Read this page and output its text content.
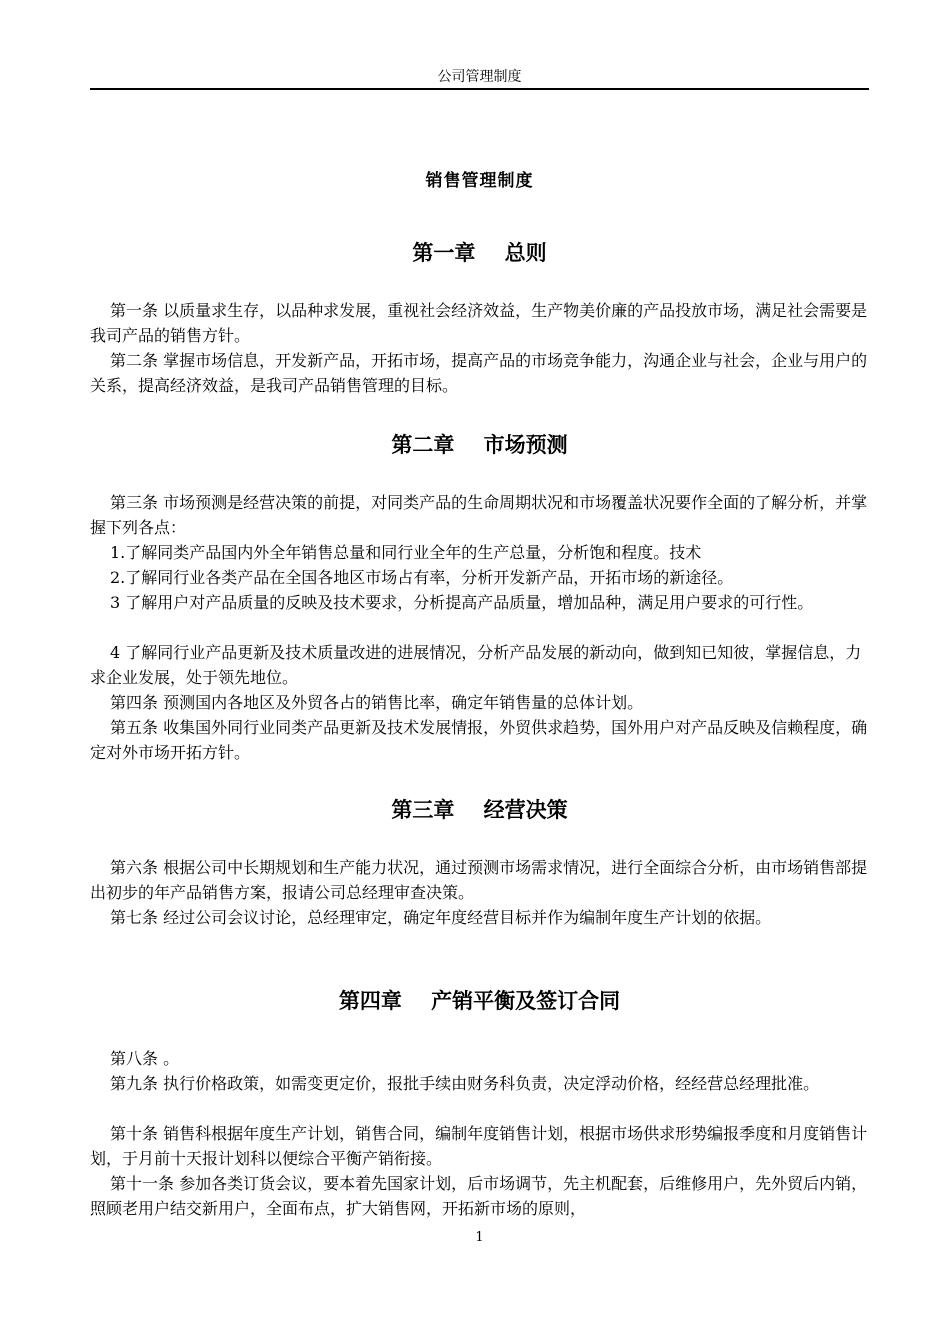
公司管理制度
销售管理制度
第一章    总则
第一条 以质量求生存，以品种求发展，重视社会经济效益，生产物美价廉的产品投放市场，满足社会需要是我司产品的销售方针。
第二条 掌握市场信息，开发新产品，开拓市场，提高产品的市场竞争能力，沟通企业与社会，企业与用户的关系，提高经济效益，是我司产品销售管理的目标。
第二章    市场预测
第三条 市场预测是经营决策的前提，对同类产品的生命周期状况和市场覆盖状况要作全面的了解分析，并掌握下列各点：
1.了解同类产品国内外全年销售总量和同行业全年的生产总量，分析饱和程度。技术
2.了解同行业各类产品在全国各地区市场占有率，分析开发新产品，开拓市场的新途径。
3 了解用户对产品质量的反映及技术要求，分析提高产品质量，增加品种，满足用户要求的可行性。
4 了解同行业产品更新及技术质量改进的进展情况，分析产品发展的新动向，做到知已知彼，掌握信息，力求企业发展，处于领先地位。
第四条 预测国内各地区及外贸各占的销售比率，确定年销售量的总体计划。
第五条 收集国外同行业同类产品更新及技术发展情报，外贸供求趋势，国外用户对产品反映及信赖程度，确定对外市场开拓方针。
第三章    经营决策
第六条 根据公司中长期规划和生产能力状况，通过预测市场需求情况，进行全面综合分析，由市场销售部提出初步的年产品销售方案，报请公司总经理审查决策。
第七条 经过公司会议讨论，总经理审定，确定年度经营目标并作为编制年度生产计划的依据。
第四章    产销平衡及签订合同
第八条 。
第九条 执行价格政策，如需变更定价，报批手续由财务科负责，决定浮动价格，经经营总经理批准。
第十条 销售科根据年度生产计划，销售合同，编制年度销售计划，根据市场供求形势编报季度和月度销售计划，于月前十天报计划科以便综合平衡产销衔接。
第十一条 参加各类订货会议，要本着先国家计划，后市场调节，先主机配套，后维修用户，先外贸后内销，照顾老用户结交新用户，全面布点，扩大销售网，开拓新市场的原则，
1
